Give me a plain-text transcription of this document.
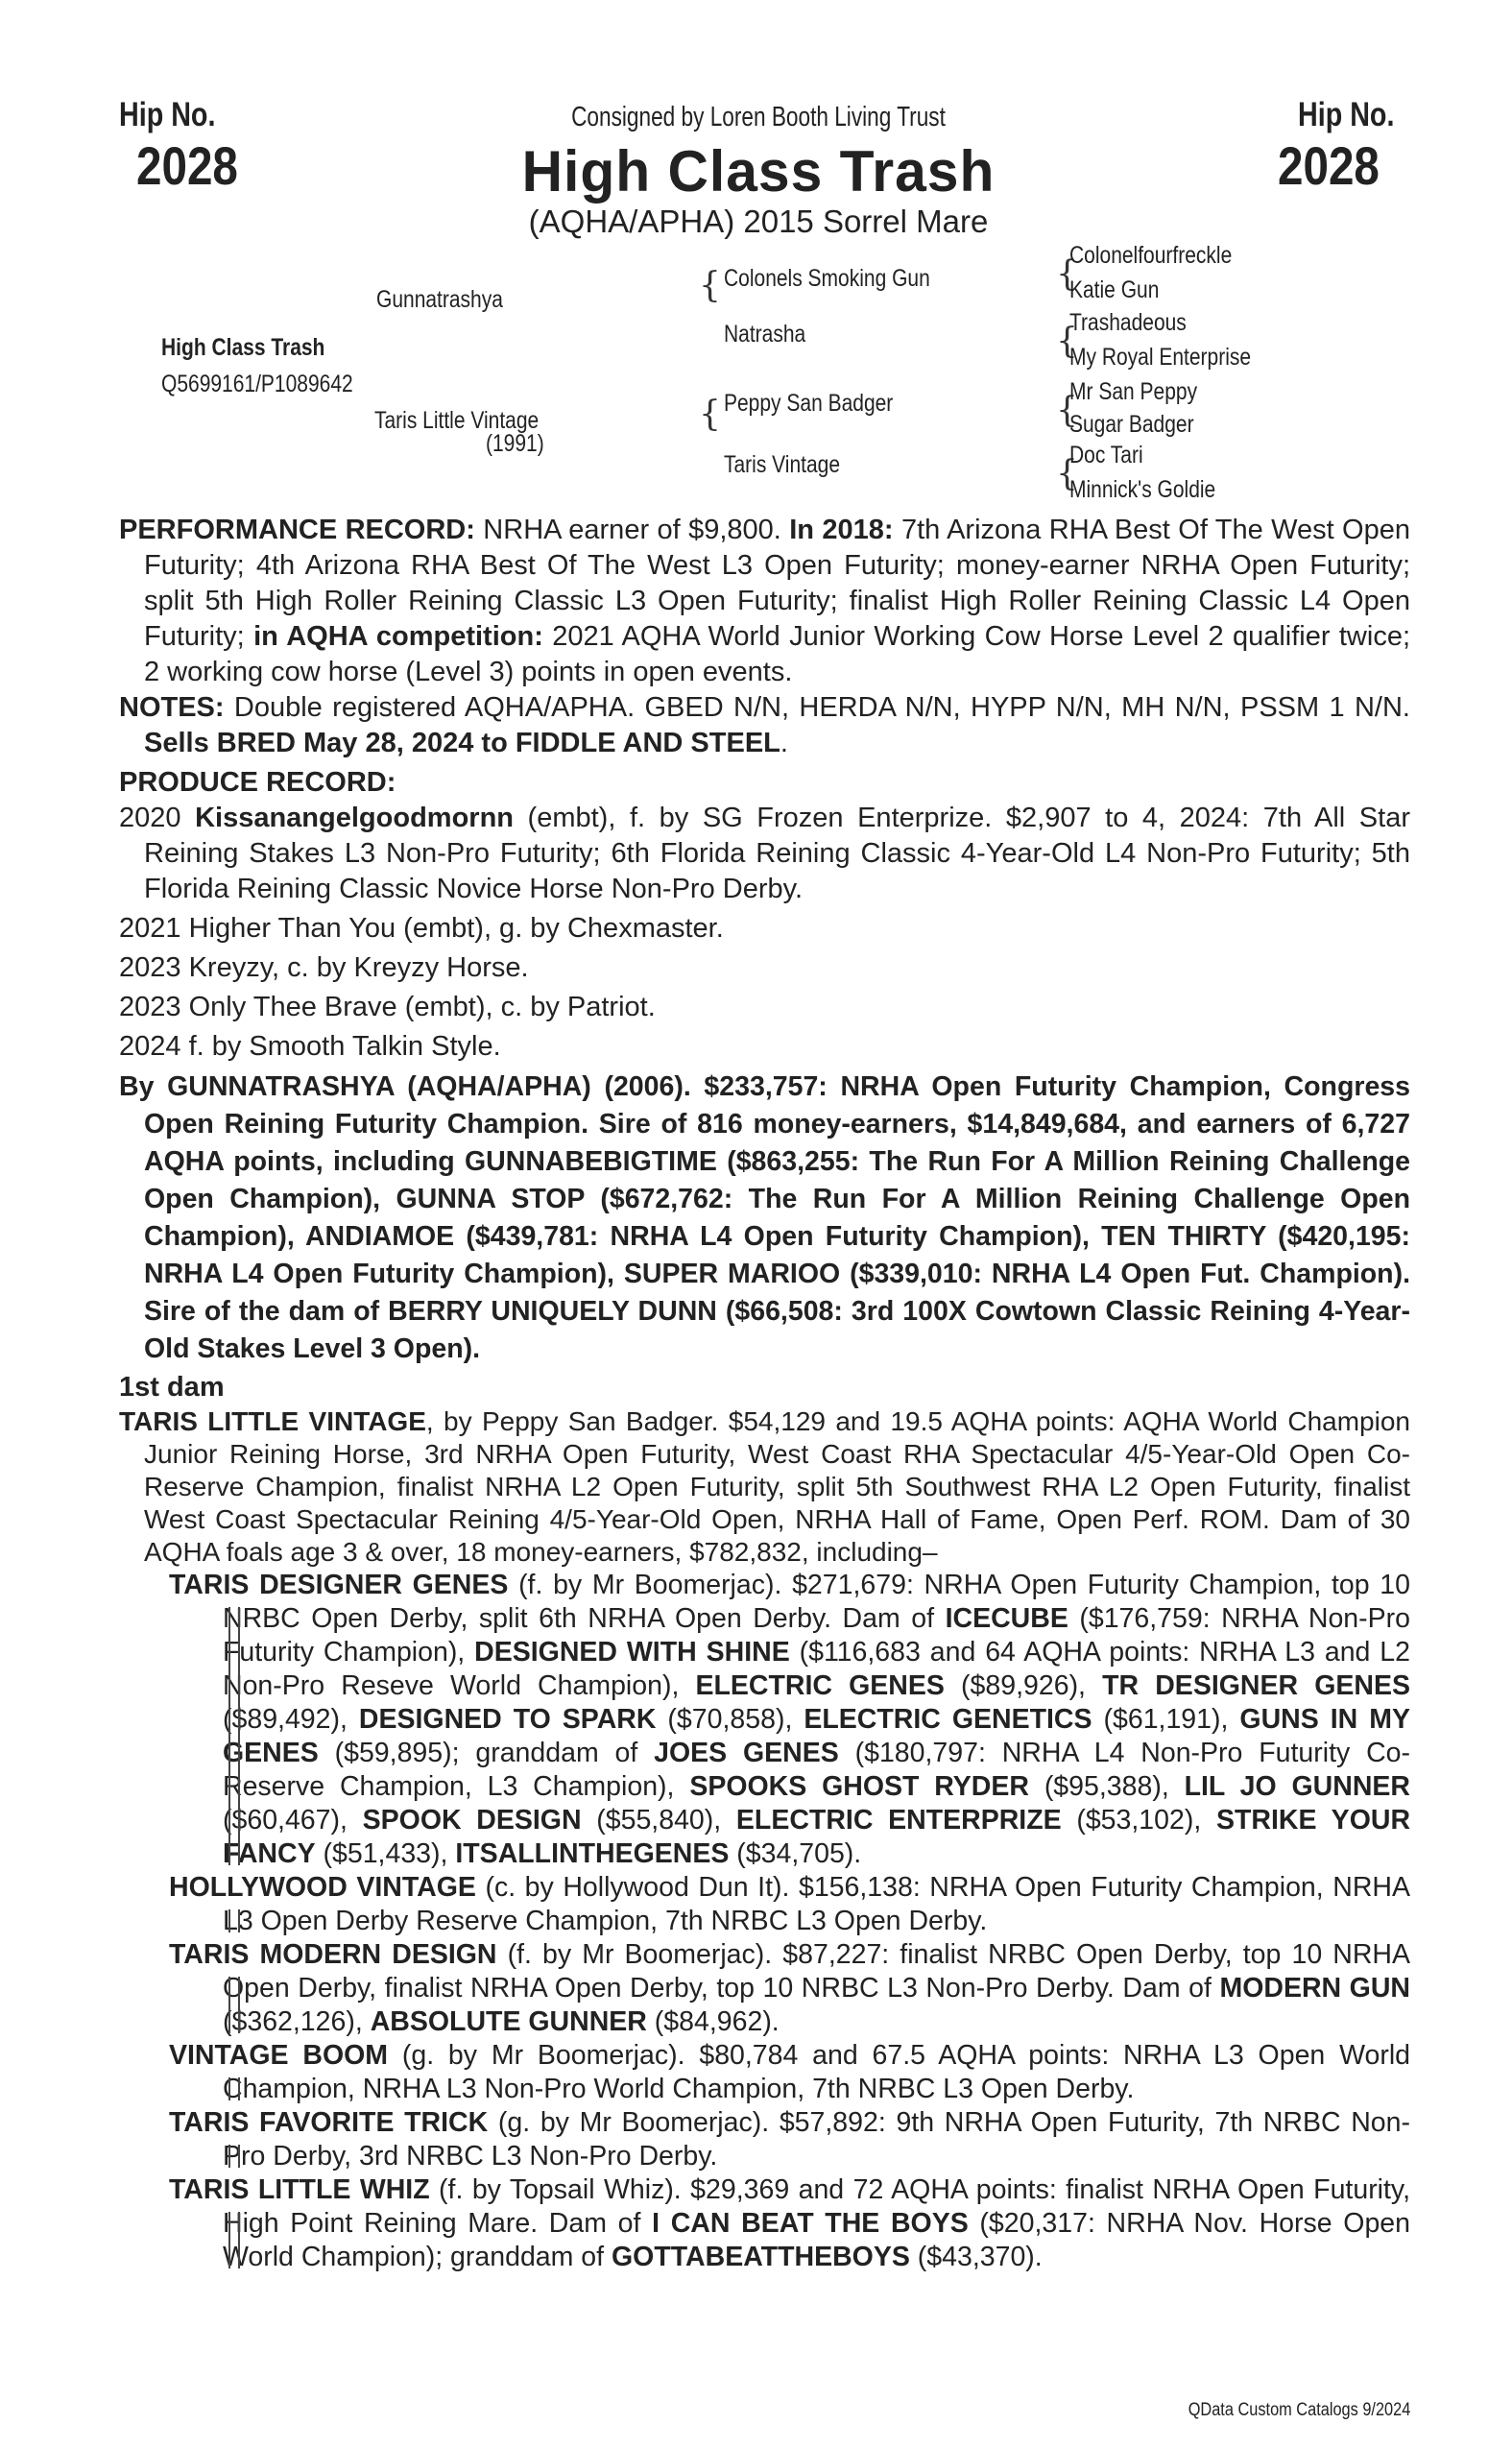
Hip No.
2028
Hip No.
2028
Consigned by Loren Booth Living Trust
High Class Trash
(AQHA/APHA) 2015 Sorrel Mare
High Class Trash
Q5699161/P1089642
Gunnatrashya
Taris Little Vintage
(1991)
{ Colonels Smoking Gun
Natrasha
{ Peppy San Badger
Taris Vintage
{
Colonelfourfreckle
Katie Gun
{
Trashadeous
My Royal Enterprise
{
Mr San Peppy
Sugar Badger
{
Doc Tari
Minnick's Goldie

PERFORMANCE RECORD: NRHA earner of $9,800. In 2018: 7th Arizona RHA Best Of The West Open Futurity; 4th Arizona RHA Best Of The West L3 Open Futurity; money-earner NRHA Open Futurity; split 5th High Roller Reining Classic L3 Open Futurity; finalist High Roller Reining Classic L4 Open Futurity; in AQHA competition: 2021 AQHA World Junior Working Cow Horse Level 2 qualifier twice; 2 working cow horse (Level 3) points in open events.

NOTES: Double registered AQHA/APHA. GBED N/N, HERDA N/N, HYPP N/N, MH N/N, PSSM 1 N/N. Sells BRED May 28, 2024 to FIDDLE AND STEEL.

PRODUCE RECORD:

2020 Kissanangelgoodmornn (embt), f. by SG Frozen Enterprize. $2,907 to 4, 2024: 7th All Star Reining Stakes L3 Non-Pro Futurity; 6th Florida Reining Classic 4-Year-Old L4 Non-Pro Futurity; 5th Florida Reining Classic Novice Horse Non-Pro Derby.

2021 Higher Than You (embt), g. by Chexmaster.

2023 Kreyzy, c. by Kreyzy Horse.

2023 Only Thee Brave (embt), c. by Patriot.

2024 f. by Smooth Talkin Style.

By GUNNATRASHYA (AQHA/APHA) (2006). $233,757: NRHA Open Futurity Champion, Congress Open Reining Futurity Champion. Sire of 816 money-earners, $14,849,684, and earners of 6,727 AQHA points, including GUNNABEBIGTIME ($863,255: The Run For A Million Reining Challenge Open Champion), GUNNA STOP ($672,762: The Run For A Million Reining Challenge Open Champion), ANDIAMOE ($439,781: NRHA L4 Open Futurity Champion), TEN THIRTY ($420,195: NRHA L4 Open Futurity Champion), SUPER MARIOO ($339,010: NRHA L4 Open Fut. Champion). Sire of the dam of BERRY UNIQUELY DUNN ($66,508: 3rd 100X Cowtown Classic Reining 4-Year-Old Stakes Level 3 Open).

1st dam

TARIS LITTLE VINTAGE, by Peppy San Badger. $54,129 and 19.5 AQHA points: AQHA World Champion Junior Reining Horse, 3rd NRHA Open Futurity, West Coast RHA Spectacular 4/5-Year-Old Open Co-Reserve Champion, finalist NRHA L2 Open Futurity, split 5th Southwest RHA L2 Open Futurity, finalist West Coast Spectacular Reining 4/5-Year-Old Open, NRHA Hall of Fame, Open Perf. ROM. Dam of 30 AQHA foals age 3 & over, 18 money-earners, $782,832, including–

TARIS DESIGNER GENES (f. by Mr Boomerjac). $271,679: NRHA Open Futurity Champion, top 10 NRBC Open Derby, split 6th NRHA Open Derby. Dam of ICECUBE ($176,759: NRHA Non-Pro Futurity Champion), DESIGNED WITH SHINE ($116,683 and 64 AQHA points: NRHA L3 and L2 Non-Pro Reseve World Champion), ELECTRIC GENES ($89,926), TR DESIGNER GENES ($89,492), DESIGNED TO SPARK ($70,858), ELECTRIC GENETICS ($61,191), GUNS IN MY GENES ($59,895); granddam of JOES GENES ($180,797: NRHA L4 Non-Pro Futurity Co-Reserve Champion, L3 Champion), SPOOKS GHOST RYDER ($95,388), LIL JO GUNNER ($60,467), SPOOK DESIGN ($55,840), ELECTRIC ENTERPRIZE ($53,102), STRIKE YOUR FANCY ($51,433), ITSALLINTHEGENES ($34,705).

HOLLYWOOD VINTAGE (c. by Hollywood Dun It). $156,138: NRHA Open Futurity Champion, NRHA L3 Open Derby Reserve Champion, 7th NRBC L3 Open Derby.

TARIS MODERN DESIGN (f. by Mr Boomerjac). $87,227: finalist NRBC Open Derby, top 10 NRHA Open Derby, finalist NRHA Open Derby, top 10 NRBC L3 Non-Pro Derby. Dam of MODERN GUN ($362,126), ABSOLUTE GUNNER ($84,962).

VINTAGE BOOM (g. by Mr Boomerjac). $80,784 and 67.5 AQHA points: NRHA L3 Open World Champion, NRHA L3 Non-Pro World Champion, 7th NRBC L3 Open Derby.

TARIS FAVORITE TRICK (g. by Mr Boomerjac). $57,892: 9th NRHA Open Futurity, 7th NRBC Non-Pro Derby, 3rd NRBC L3 Non-Pro Derby.

TARIS LITTLE WHIZ (f. by Topsail Whiz). $29,369 and 72 AQHA points: finalist NRHA Open Futurity, High Point Reining Mare. Dam of I CAN BEAT THE BOYS ($20,317: NRHA Nov. Horse Open World Champion); granddam of GOTTABEATTHEBOYS ($43,370).

QData Custom Catalogs 9/2024
